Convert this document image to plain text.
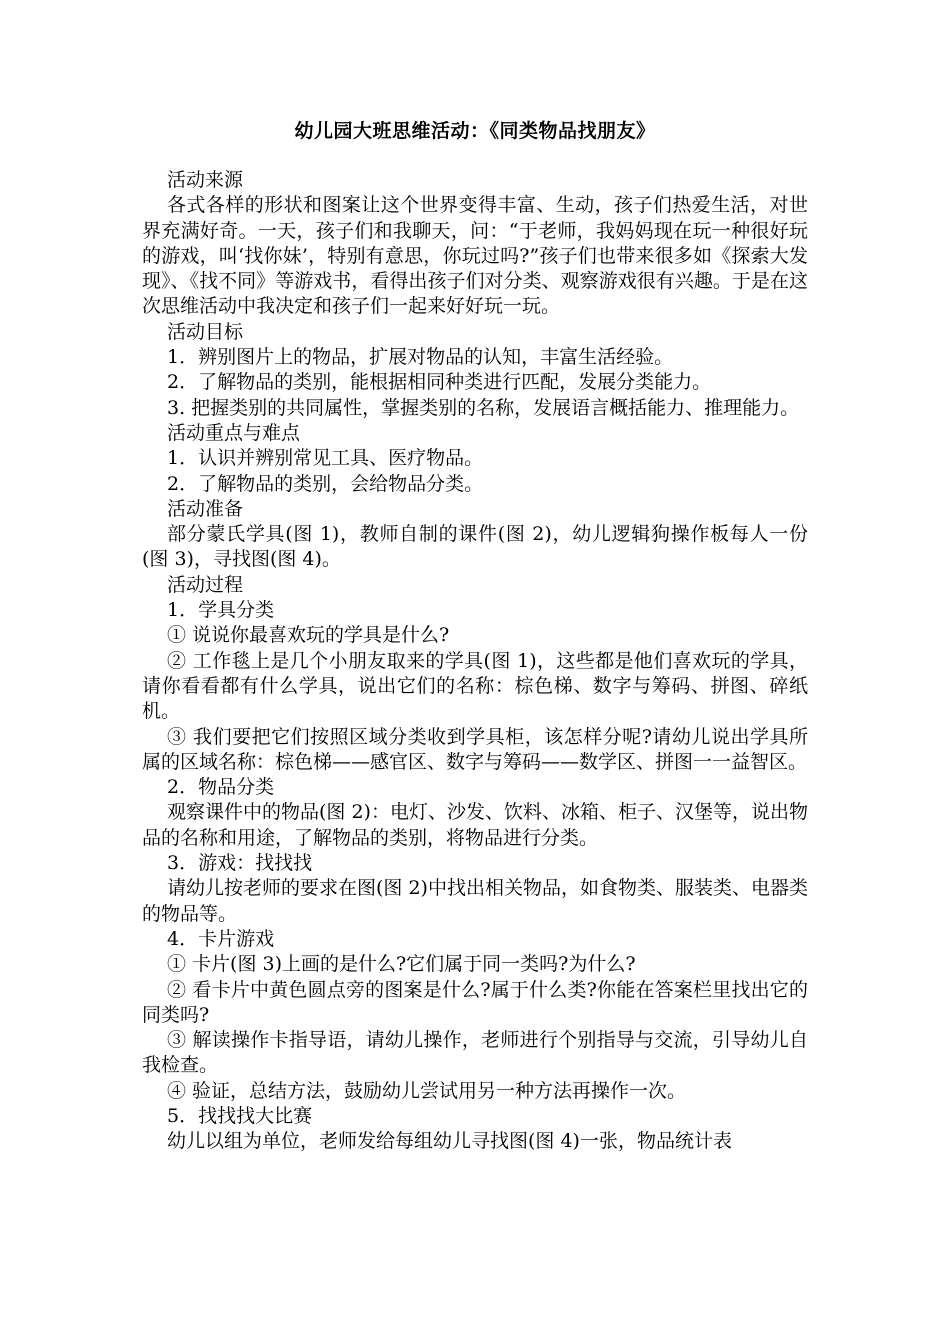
幼儿园大班思维活动：《同类物品找朋友》

活动来源

各式各样的形状和图案让这个世界变得丰富、生动，孩子们热爱生活，对世界充满好奇。一天，孩子们和我聊天，问：“于老师，我妈妈现在玩一种很好玩的游戏，叫‘找你妹’，特别有意思，你玩过吗?”孩子们也带来很多如《探索大发现》、《找不同》等游戏书，看得出孩子们对分类、观察游戏很有兴趣。于是在这次思维活动中我决定和孩子们一起来好好玩一玩。

活动目标

1．辨别图片上的物品，扩展对物品的认知，丰富生活经验。

2．了解物品的类别，能根据相同种类进行匹配，发展分类能力。

3. 把握类别的共同属性，掌握类别的名称，发展语言概括能力、推理能力。

活动重点与难点

1．认识并辨别常见工具、医疗物品。

2．了解物品的类别，会给物品分类。

活动准备

部分蒙氏学具(图 1)，教师自制的课件(图 2)，幼儿逻辑狗操作板每人一份(图 3)，寻找图(图 4)。

活动过程

1．学具分类

① 说说你最喜欢玩的学具是什么?

② 工作毯上是几个小朋友取来的学具(图 1)，这些都是他们喜欢玩的学具，请你看看都有什么学具，说出它们的名称：棕色梯、数字与筹码、拼图、碎纸机。

③ 我们要把它们按照区域分类收到学具柜，该怎样分呢?请幼儿说出学具所属的区域名称：棕色梯——感官区、数字与筹码——数学区、拼图一一益智区。

2．物品分类

观察课件中的物品(图 2)：电灯、沙发、饮料、冰箱、柜子、汉堡等，说出物品的名称和用途，了解物品的类别，将物品进行分类。

3．游戏：找找找

请幼儿按老师的要求在图(图 2)中找出相关物品，如食物类、服装类、电器类的物品等。

4．卡片游戏

① 卡片(图 3)上画的是什么?它们属于同一类吗?为什么?

② 看卡片中黄色圆点旁的图案是什么?属于什么类?你能在答案栏里找出它的同类吗?

③ 解读操作卡指导语，请幼儿操作，老师进行个别指导与交流，引导幼儿自我检查。

④ 验证，总结方法，鼓励幼儿尝试用另一种方法再操作一次。

5．找找找大比赛

幼儿以组为单位，老师发给每组幼儿寻找图(图 4)一张，物品统计表
